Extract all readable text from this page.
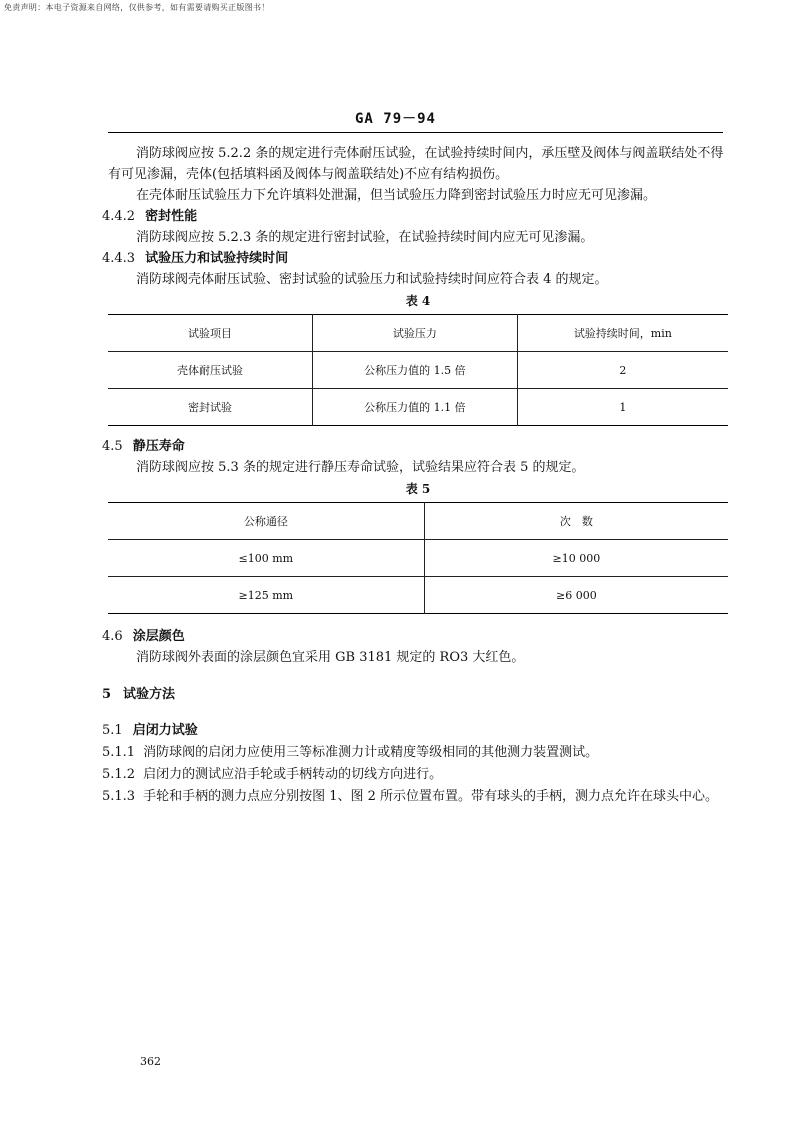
免责声明：本电子资源来自网络，仅供参考，如有需要请购买正版图书！
GA 79－94

消防球阀应按 5.2.2 条的规定进行壳体耐压试验，在试验持续时间内，承压壁及阀体与阀盖联结处不得有可见渗漏，壳体(包括填料函及阀体与阀盖联结处)不应有结构损伤。

在壳体耐压试验压力下允许填料处泄漏，但当试验压力降到密封试验压力时应无可见渗漏。

4.4.2 密封性能

消防球阀应按 5.2.3 条的规定进行密封试验，在试验持续时间内应无可见渗漏。

4.4.3 试验压力和试验持续时间

消防球阀壳体耐压试验、密封试验的试验压力和试验持续时间应符合表 4 的规定。

表 4
试验项目	试验压力	试验持续时间，min
壳体耐压试验	公称压力值的 1.5 倍	2
密封试验	公称压力值的 1.1 倍	1

4.5 静压寿命

消防球阀应按 5.3 条的规定进行静压寿命试验，试验结果应符合表 5 的规定。

表 5
公称通径	次　数
≤100 mm	≥10 000
≥125 mm	≥6 000

4.6 涂层颜色

消防球阀外表面的涂层颜色宜采用 GB 3181 规定的 RO3 大红色。

5 试验方法

5.1 启闭力试验

5.1.1 消防球阀的启闭力应使用三等标准测力计或精度等级相同的其他测力装置测试。

5.1.2 启闭力的测试应沿手轮或手柄转动的切线方向进行。

5.1.3 手轮和手柄的测力点应分别按图 1、图 2 所示位置布置。带有球头的手柄，测力点允许在球头中心。

362
